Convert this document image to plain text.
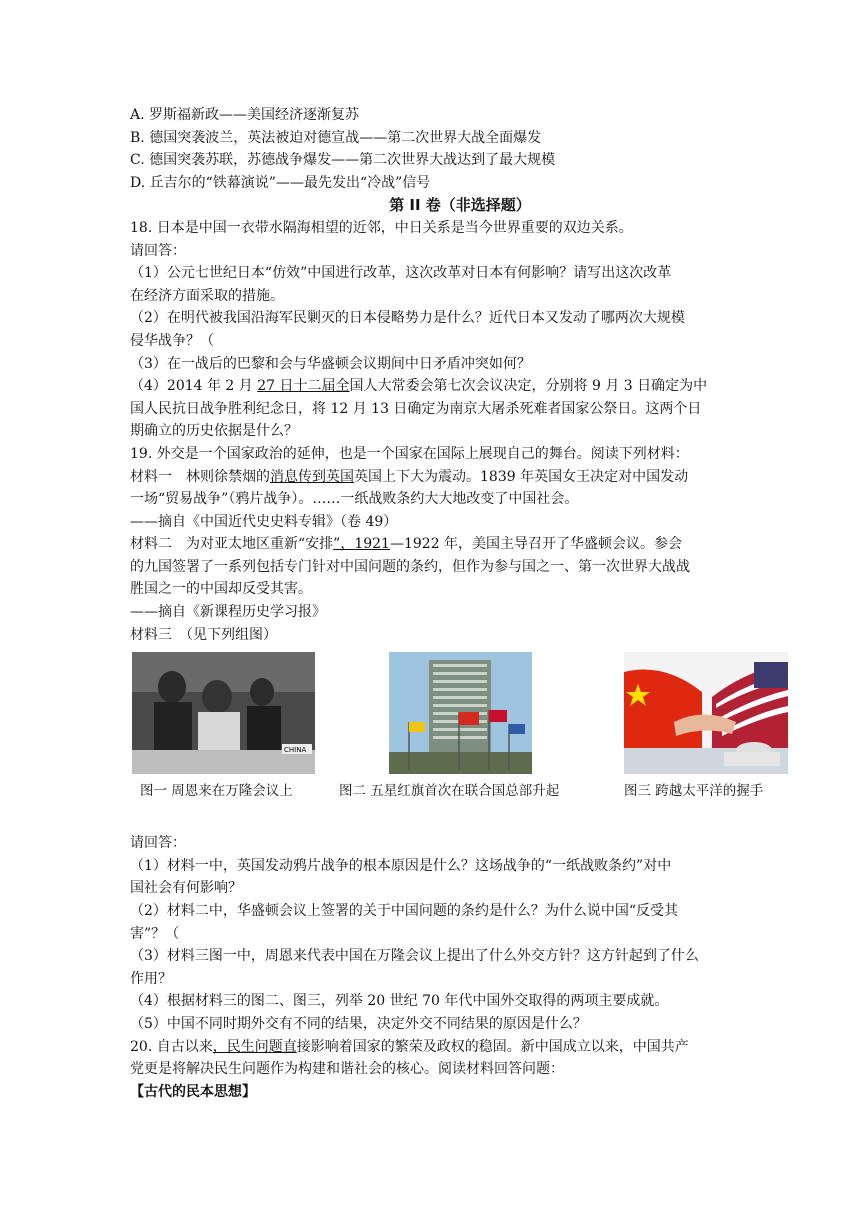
A. 罗斯福新政——美国经济逐渐复苏
B. 德国突袭波兰，英法被迫对德宣战——第二次世界大战全面爆发
C. 德国突袭苏联，苏德战争爆发——第二次世界大战达到了最大规模
D. 丘吉尔的“铁幕演说”——最先发出“冷战”信号
第 II 卷（非选择题）
18. 日本是中国一衣带水隔海相望的近邻，中日关系是当今世界重要的双边关系。
请回答：
（1）公元七世纪日本“仿效”中国进行改革，这次改革对日本有何影响？请写出这次改革
在经济方面采取的措施。
（2）在明代被我国沿海军民剿灭的日本侵略势力是什么？近代日本又发动了哪两次大规模
侵华战争？（
（3）在一战后的巴黎和会与华盛顿会议期间中日矛盾冲突如何？
（4）2014 年 2 月 27 日十二届全国人大常委会第七次会议决定，分别将 9 月 3 日确定为中
国人民抗日战争胜利纪念日，将 12 月 13 日确定为南京大屠杀死难者国家公祭日。这两个日
期确立的历史依据是什么？
19. 外交是一个国家政治的延伸，也是一个国家在国际上展现自己的舞台。阅读下列材料：
材料一　林则徐禁烟的消息传到英国英国上下大为震动。1839 年英国女王决定对中国发动
一场“贸易战争”（鸦片战争）。……一纸战败条约大大地改变了中国社会。
——摘自《中国近代史史料专辑》（卷 49）
材料二　为对亚太地区重新“安排”，1921—1922 年，美国主导召开了华盛顿会议。参会
的九国签署了一系列包括专门针对中国问题的条约，但作为参与国之一、第一次世界大战战
胜国之一的中国却反受其害。
——摘自《新课程历史学习报》
材料三　（见下列组图）
CHINA
图一 周恩来在万隆会议上	图二 五星红旗首次在联合国总部升起	图三 跨越太平洋的握手
请回答：
（1）材料一中，英国发动鸦片战争的根本原因是什么？这场战争的“一纸战败条约”对中
国社会有何影响？
（2）材料二中，华盛顿会议上签署的关于中国问题的条约是什么？为什么说中国“反受其
害”？（
（3）材料三图一中，周恩来代表中国在万隆会议上提出了什么外交方针？这方针起到了什么
作用？
（4）根据材料三的图二、图三，列举 20 世纪 70 年代中国外交取得的两项主要成就。
（5）中国不同时期外交有不同的结果，决定外交不同结果的原因是什么？
20. 自古以来，民生问题直接影响着国家的繁荣及政权的稳固。新中国成立以来，中国共产
党更是将解决民生问题作为构建和谐社会的核心。阅读材料回答问题：
【古代的民本思想】
